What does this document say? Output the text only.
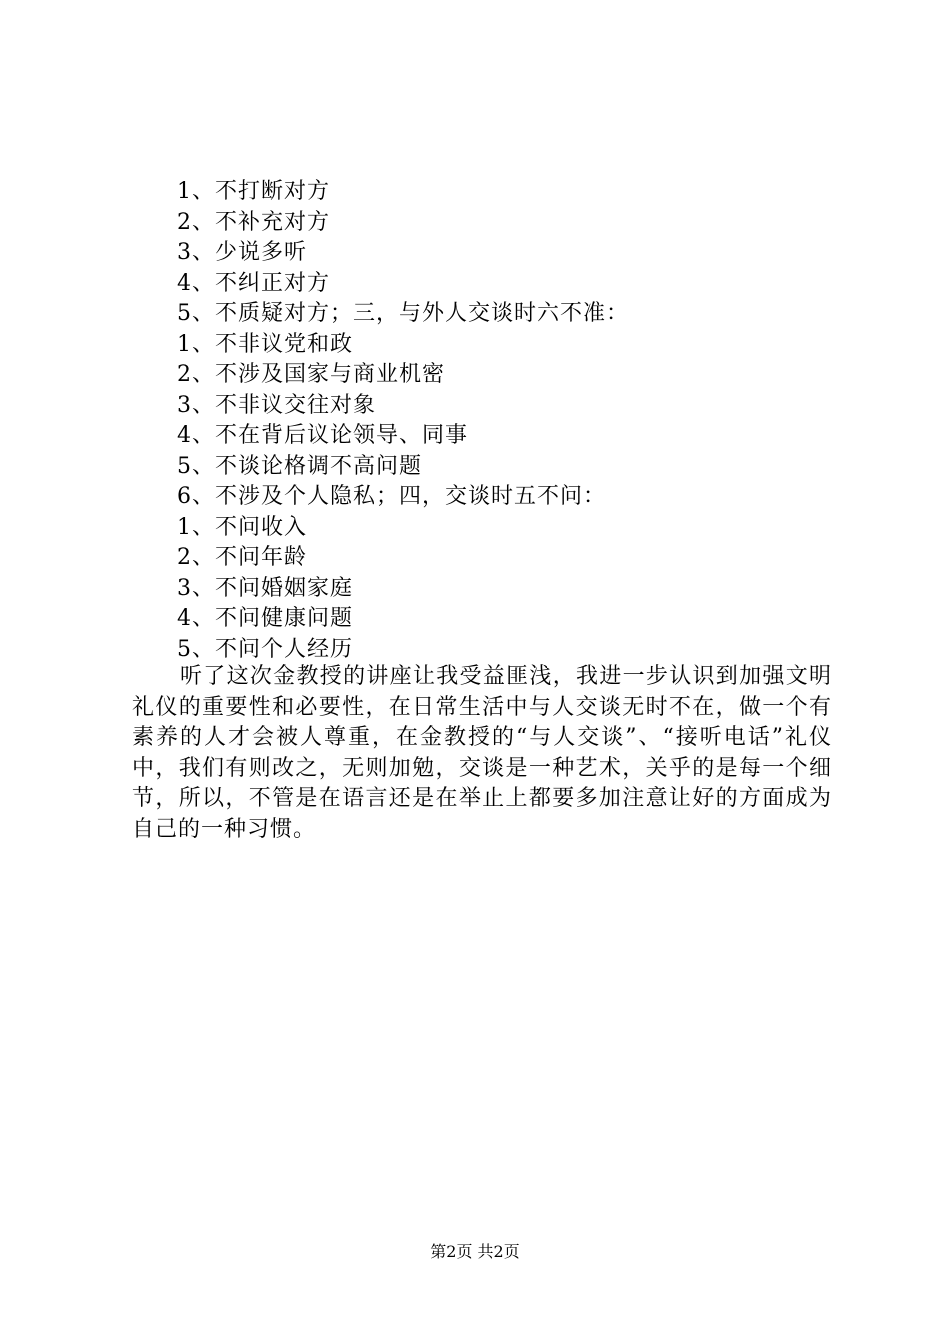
1、不打断对方
2、不补充对方
3、少说多听
4、不纠正对方
5、不质疑对方；三，与外人交谈时六不准：
1、不非议党和政
2、不涉及国家与商业机密
3、不非议交往对象
4、不在背后议论领导、同事
5、不谈论格调不高问题
6、不涉及个人隐私；四，交谈时五不问：
1、不问收入
2、不问年龄
3、不问婚姻家庭
4、不问健康问题
5、不问个人经历

听了这次金教授的讲座让我受益匪浅，我进一步认识到加强文明礼仪的重要性和必要性，在日常生活中与人交谈无时不在，做一个有素养的人才会被人尊重，在金教授的“与人交谈”、“接听电话”礼仪中，我们有则改之，无则加勉，交谈是一种艺术，关乎的是每一个细节，所以，不管是在语言还是在举止上都要多加注意让好的方面成为自己的一种习惯。

第2页 共2页
